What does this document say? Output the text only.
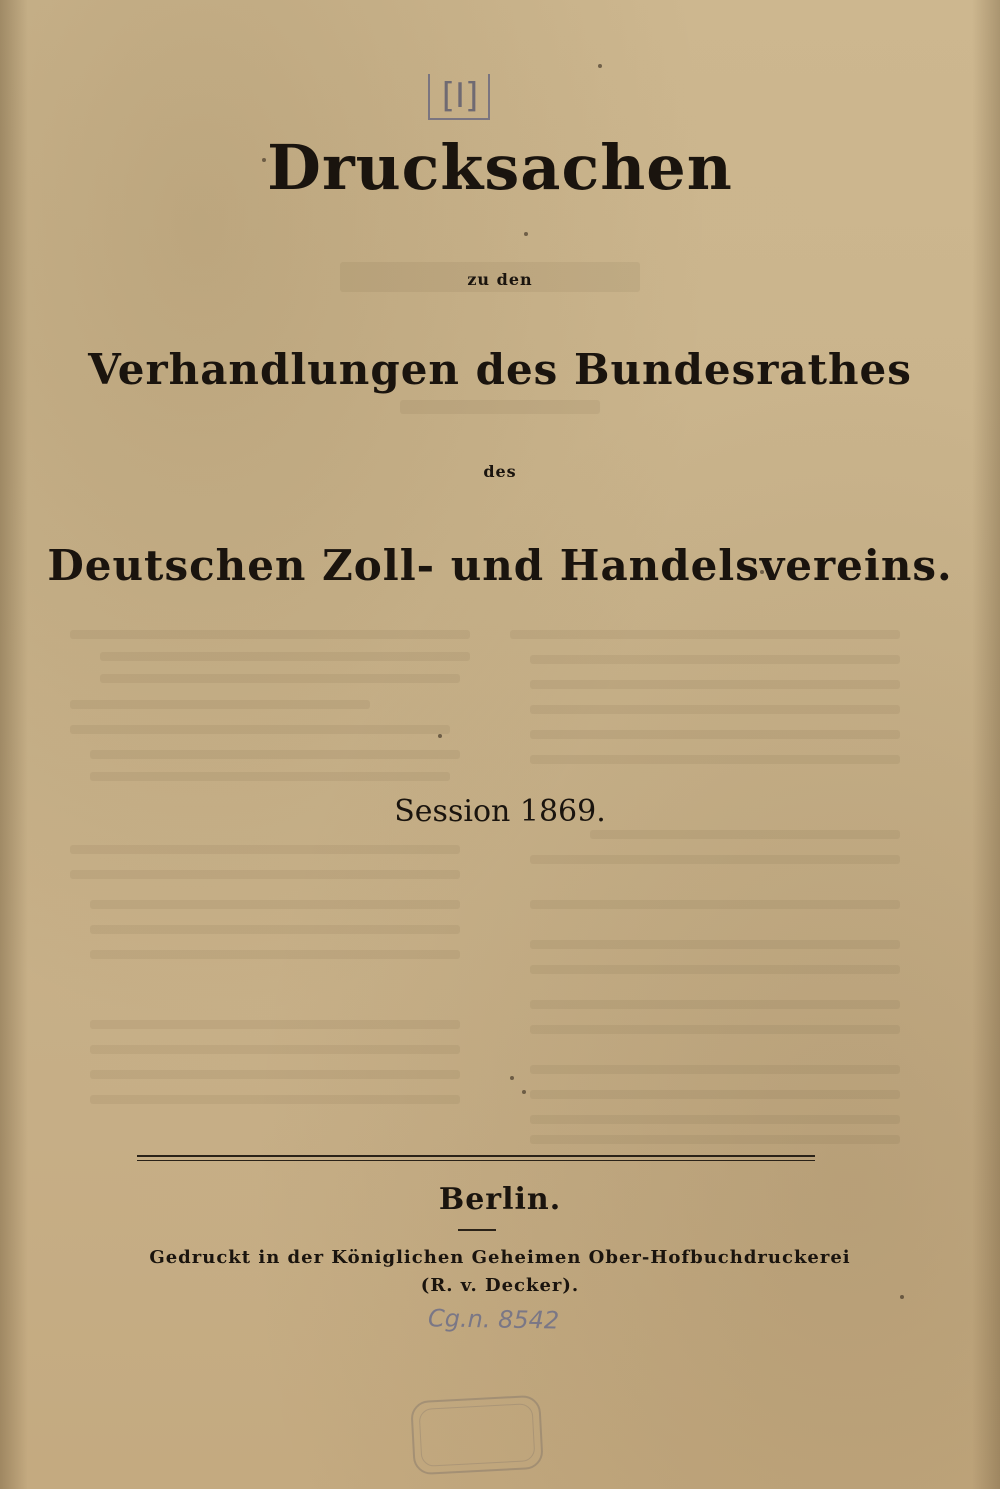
[I]
Drucksachen
zu den
Verhandlungen des Bundesrathes
des
Deutschen Zoll- und Handelsvereins.
Session 1869.
Berlin.
Gedruckt in der Königlichen Geheimen Ober-Hofbuchdruckerei
(R. v. Decker).
Cg.n. 8542
